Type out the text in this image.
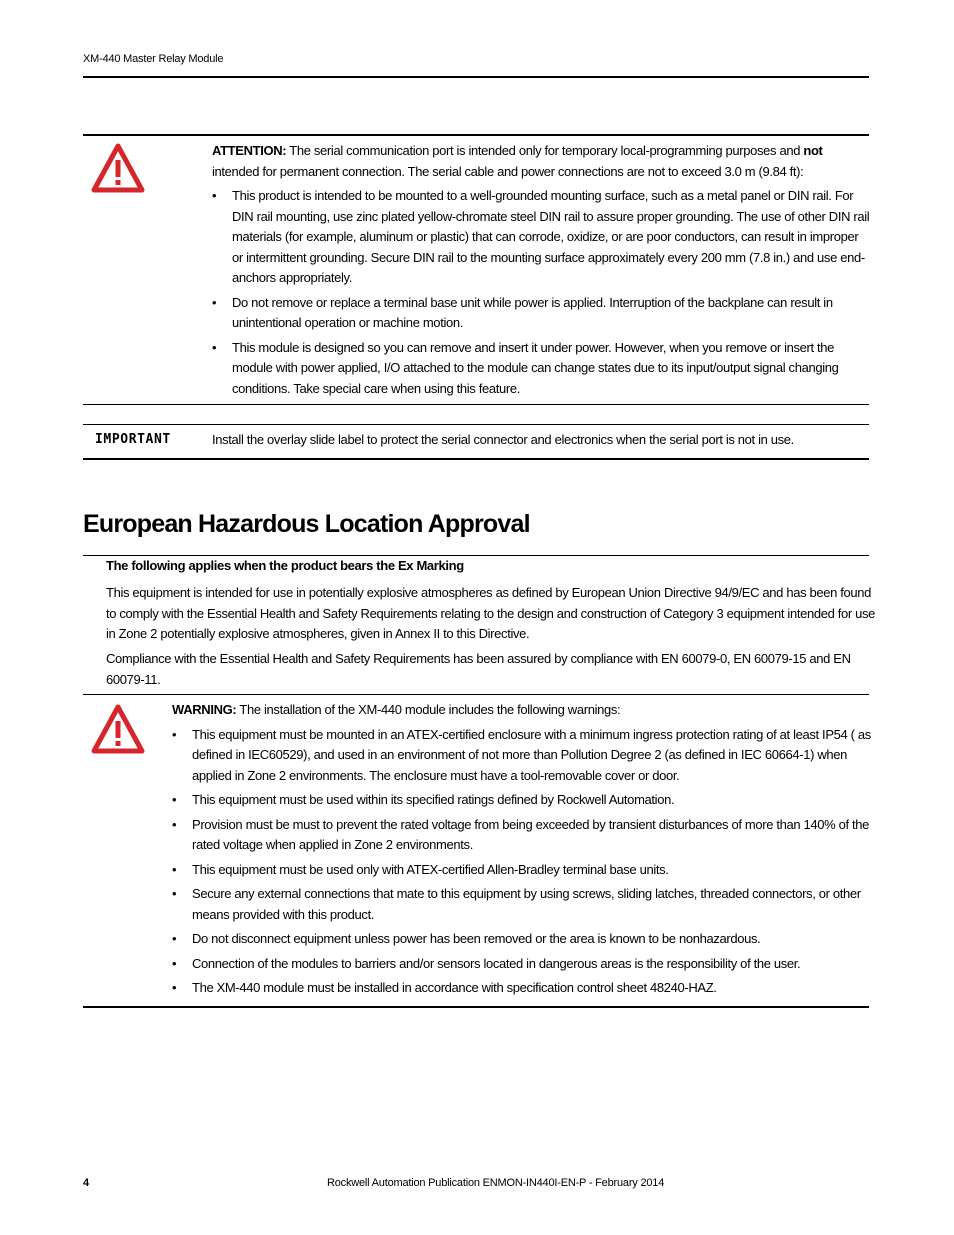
XM-440 Master Relay Module

ATTENTION: The serial communication port is intended only for temporary local-programming purposes and not intended for permanent connection. The serial cable and power connections are not to exceed 3.0 m (9.84 ft):

• This product is intended to be mounted to a well-grounded mounting surface, such as a metal panel or DIN rail. For DIN rail mounting, use zinc plated yellow-chromate steel DIN rail to assure proper grounding. The use of other DIN rail materials (for example, aluminum or plastic) that can corrode, oxidize, or are poor conductors, can result in improper or intermittent grounding. Secure DIN rail to the mounting surface approximately every 200 mm (7.8 in.) and use end-anchors appropriately.
• Do not remove or replace a terminal base unit while power is applied. Interruption of the backplane can result in unintentional operation or machine motion.
• This module is designed so you can remove and insert it under power. However, when you remove or insert the module with power applied, I/O attached to the module can change states due to its input/output signal changing conditions. Take special care when using this feature.
IMPORTANT	Install the overlay slide label to protect the serial connector and electronics when the serial port is not in use.
European Hazardous Location Approval
The following applies when the product bears the Ex Marking
This equipment is intended for use in potentially explosive atmospheres as defined by European Union Directive 94/9/EC and has been found to comply with the Essential Health and Safety Requirements relating to the design and construction of Category 3 equipment intended for use in Zone 2 potentially explosive atmospheres, given in Annex II to this Directive.
Compliance with the Essential Health and Safety Requirements has been assured by compliance with EN 60079-0, EN 60079-15 and EN 60079-11.

WARNING: The installation of the XM-440 module includes the following warnings:

• This equipment must be mounted in an ATEX-certified enclosure with a minimum ingress protection rating of at least IP54 ( as defined in IEC60529), and used in an environment of not more than Pollution Degree 2 (as defined in IEC 60664-1) when applied in Zone 2 environments. The enclosure must have a tool-removable cover or door.
• This equipment must be used within its specified ratings defined by Rockwell Automation.
• Provision must be must to prevent the rated voltage from being exceeded by transient disturbances of more than 140% of the rated voltage when applied in Zone 2 environments.
• This equipment must be used only with ATEX-certified Allen-Bradley terminal base units.
• Secure any external connections that mate to this equipment by using screws, sliding latches, threaded connectors, or other means provided with this product.
• Do not disconnect equipment unless power has been removed or the area is known to be nonhazardous.
• Connection of the modules to barriers and/or sensors located in dangerous areas is the responsibility of the user.
• The XM-440 module must be installed in accordance with specification control sheet 48240-HAZ.
4	Rockwell Automation Publication ENMON-IN440I-EN-P - February 2014
